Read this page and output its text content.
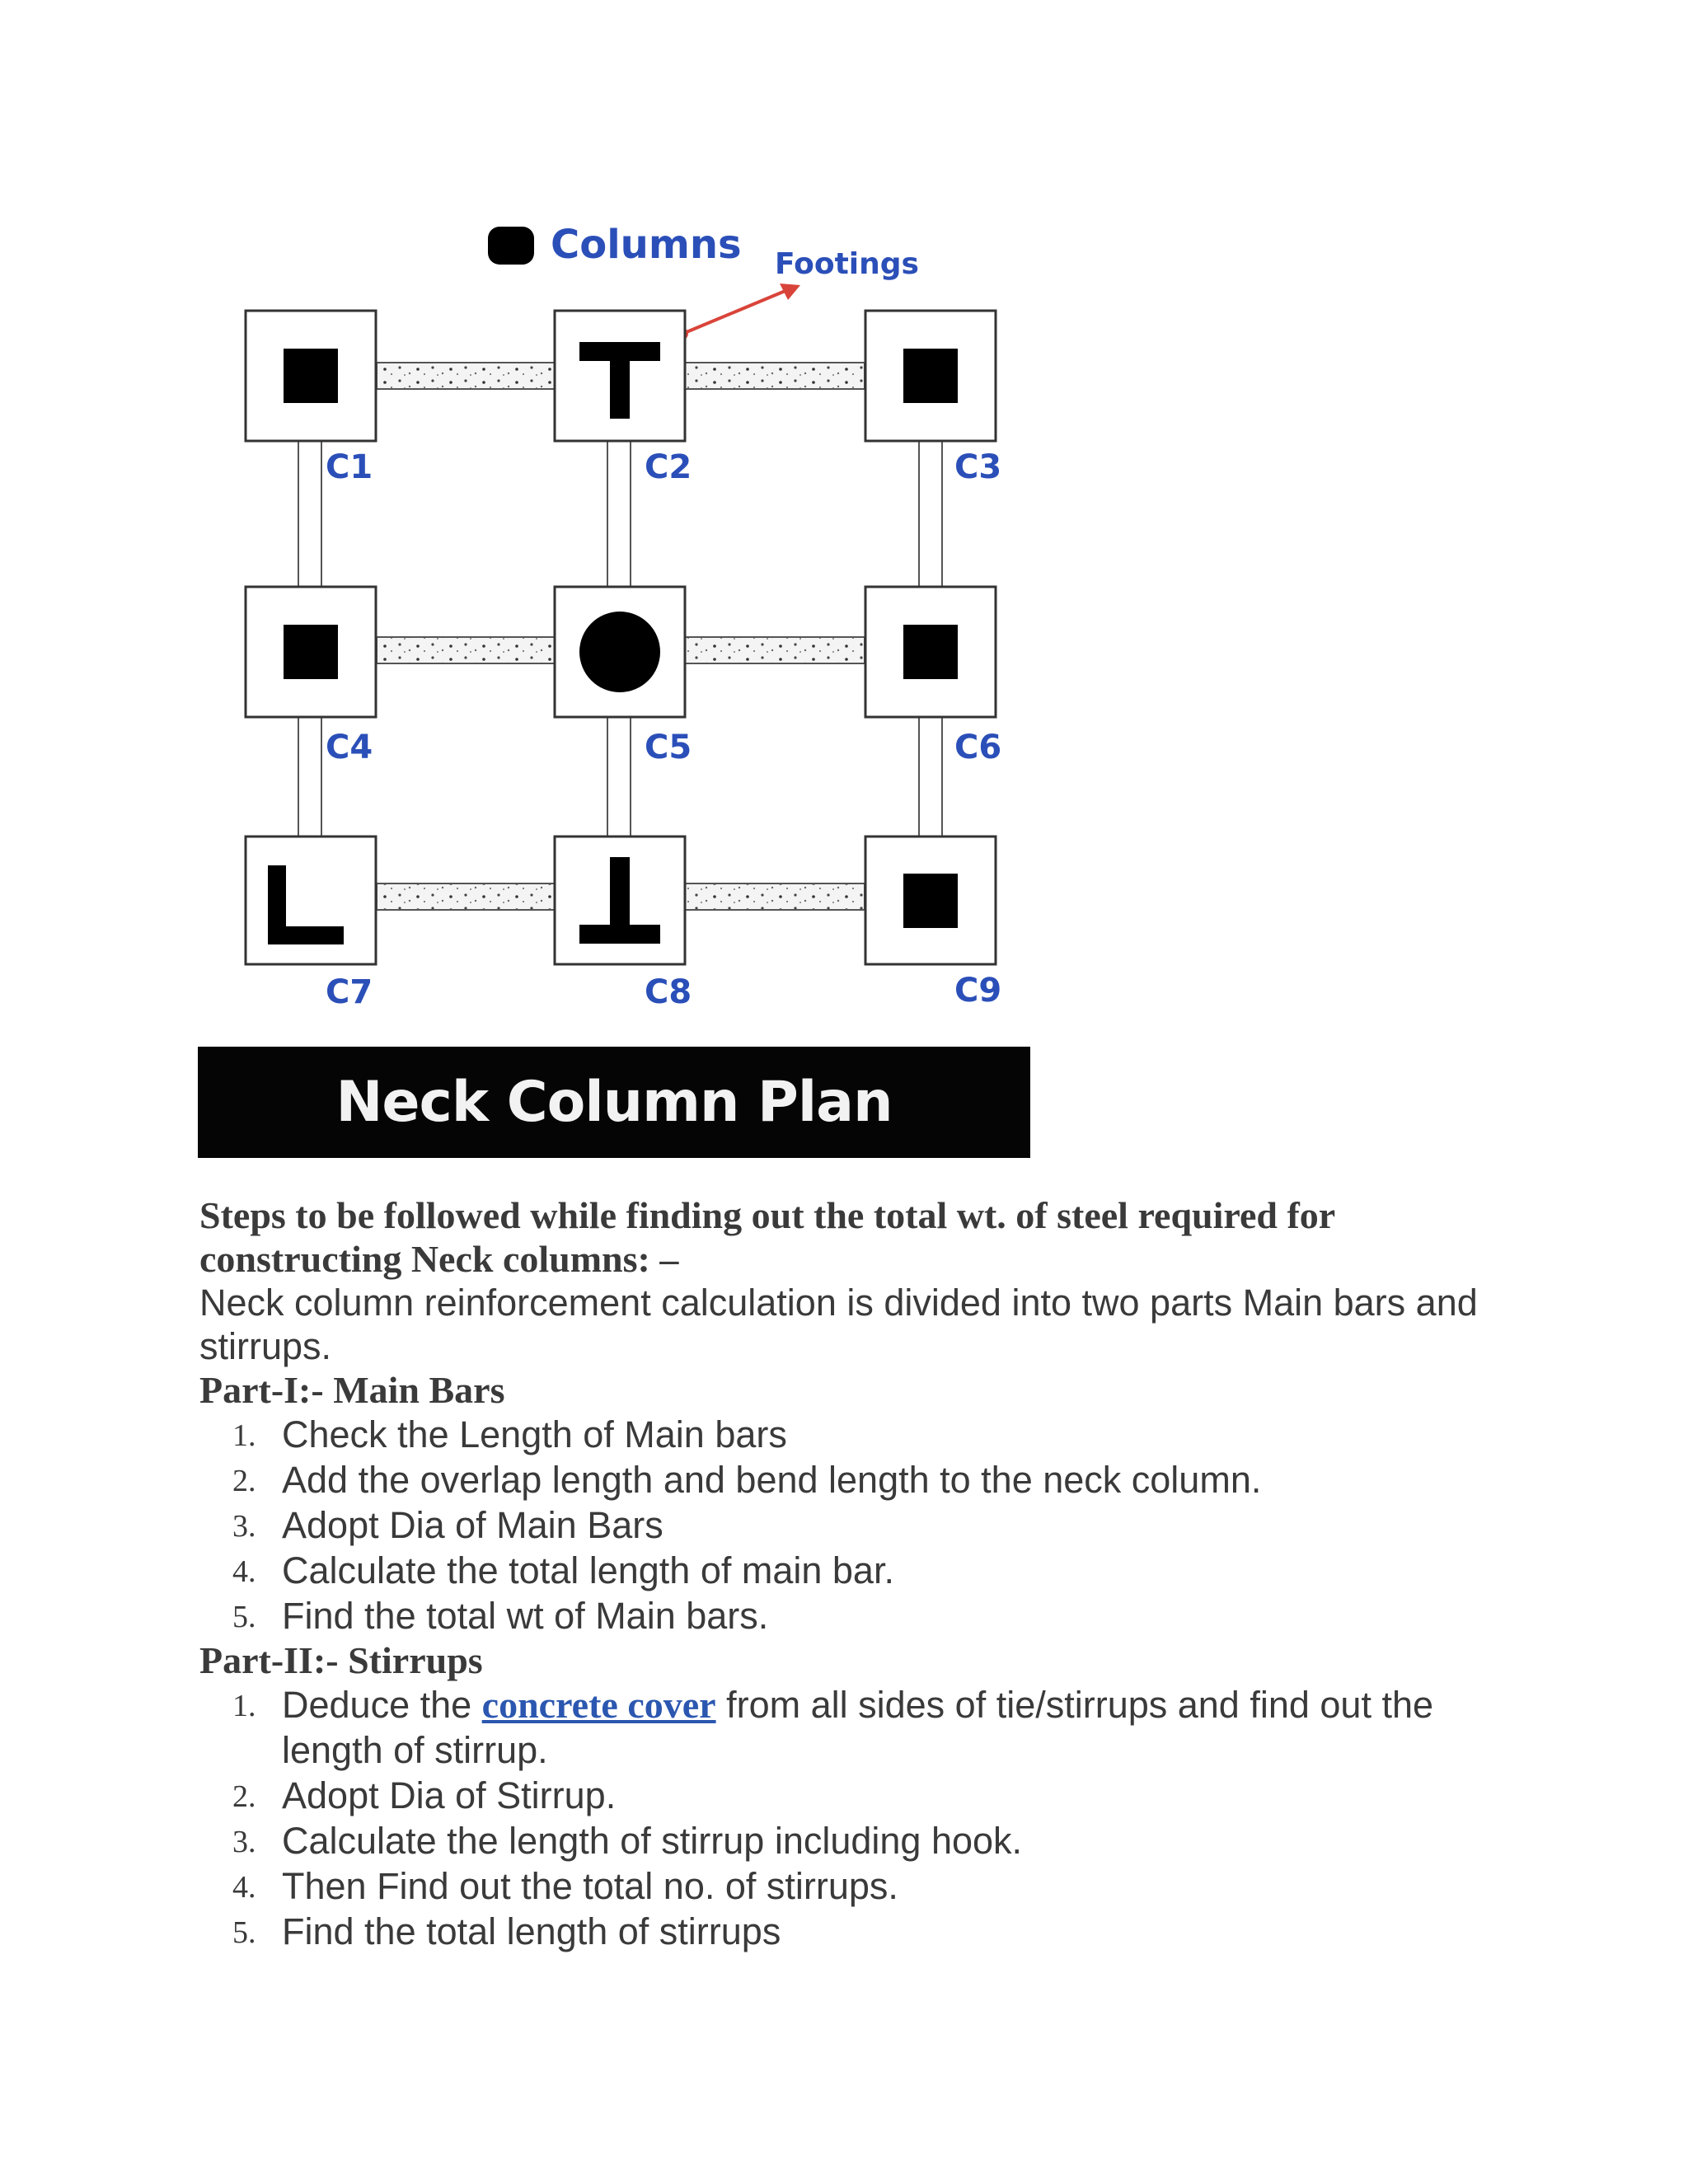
Columns Footings
C1	C2	C3
C4	C5	C6
C7	C8	C9
Neck Column Plan

Steps to be followed while finding out the total wt. of steel required for constructing Neck columns: –

Neck column reinforcement calculation is divided into two parts Main bars and stirrups.

Part-I:- Main Bars

1. Check the Length of Main bars
2. Add the overlap length and bend length to the neck column.
3. Adopt Dia of Main Bars
4. Calculate the total length of main bar.
5. Find the total wt of Main bars.

Part-II:- Stirrups

1. Deduce the concrete cover from all sides of tie/stirrups and find out the length of stirrup.
2. Adopt Dia of Stirrup.
3. Calculate the length of stirrup including hook.
4. Then Find out the total no. of stirrups.
5. Find the total length of stirrups
